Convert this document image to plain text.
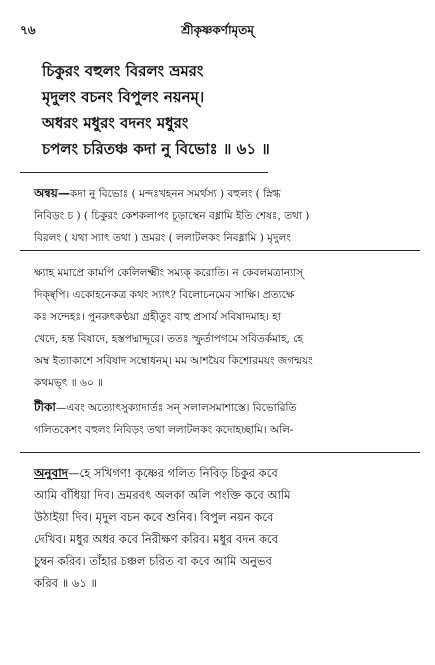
৭৬	শ্রীকৃষ্ণকর্ণামৃতম্‌
চিকুরং বহুলং বিরলং ভ্রমরং
মৃদুলং বচনং বিপুলং নয়নম্‌।
অধরং মধুরং বদনং মধুরং
চপলং চরিতঞ্চ কদা নু বিভোঃ ॥ ৬১ ॥

অন্বয়—কদা নু বিভোঃ ( মন্দঃখহনন সমর্থস্য ) বহুলং ( স্নিগ্ধ

নিবিড়ং চ ) ( চিকুরং কেশকলাপং চূড়াস্থেন বধ্নামি ইতি শেষঃ, তথা )

বিরলং ( যথা স্যাৎ তথা ) ভ্রমরং ( ললাটলকং নিবধ্নামি ) মৃদুলং

ক্ষ্যাহ মমাপ্রে কামপি কেলিলক্ষ্মীং সম্যক্‌ করোতি। ন কেবলমত্রান্যাস্‌

দিক্ষ্ব্‌পি। একোহনেকত্র কথং স্যাৎ? বিলোচনমেব সাক্ষি। প্রত্যক্ষে

কঃ সন্দেহঃ। পুনরুৎকণ্ঠয়া গ্রহীতুং বাহু প্রসার্য সবিষাদমাহ। হা

খেদে, হন্ত বিষাদে, হস্তপদ্মাদ্দূরে। ততঃ স্ফুর্তাপগমে সবিতর্কমাহ, হে

অম্ব ইত্যাকাশে সবিষাদ সম্বোধনম্‌। মম আশয়ৈব কিশোরময়ং জগন্ময়ং

কথমভ্‌ৎ ॥ ৬০ ॥

টীকা—এবং অত্যোৎসুক্যাদার্তঃ সন্‌ সলালসমাশাস্তে। বিভোরিতি

গলিতকেশং বহুলং নিবিড়ং তথা ললাটলকং কদোহচ্ছামি। অলি-

অনুবাদ—হে সখিগণ! কৃষ্ণের গলিত নিবিড় চিকুর কবে

আমি বাঁধিয়া দিব। ভ্রমরবৎ অলকা অলি পংক্তি কবে আমি

উঠাইয়া দিব। মৃদুল বচন কবে শুনিব। বিপুল নয়ন কবে

দেখিব। মধুর অধর কবে নিরীক্ষণ করিব। মধুর বদন কবে

চুম্বন করিব। তাঁহার চঞ্চল চরিত বা কবে আমি অনুভব

করিব ॥ ৬১ ॥
